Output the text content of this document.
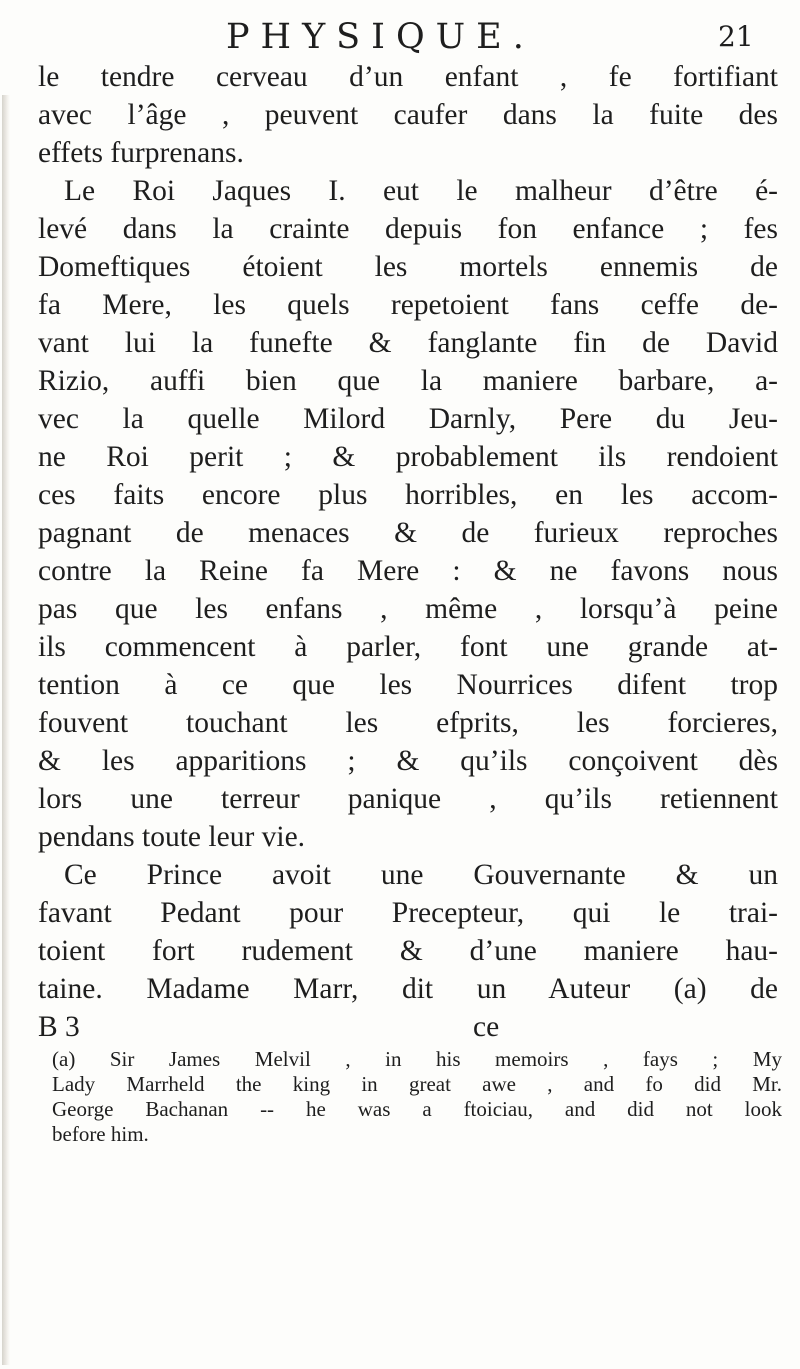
PHYSIQUE.	21
le tendre cerveau d’un enfant , fe fortifiant
avec l’âge , peuvent caufer dans la fuite des
effets furprenans.
Le Roi Jaques I. eut le malheur d’être é-
levé dans la crainte depuis fon enfance ; fes
Domeftiques étoient les mortels ennemis de
fa Mere, les quels repetoient fans ceffe de-
vant lui la funefte & fanglante fin de David
Rizio, auffi bien que la maniere barbare, a-
vec la quelle Milord Darnly, Pere du Jeu-
ne Roi perit ; & probablement ils rendoient
ces faits encore plus horribles, en les accom-
pagnant de menaces & de furieux reproches
contre la Reine fa Mere : & ne favons nous
pas que les enfans , même , lorsqu’à peine
ils commencent à parler, font une grande at-
tention à ce que les Nourrices difent trop
fouvent touchant les efprits, les forcieres,
& les apparitions ; & qu’ils conçoivent dès
lors une terreur panique , qu’ils retiennent
pendans toute leur vie.
Ce Prince avoit une Gouvernante & un
favant Pedant pour Precepteur, qui le trai-
toient fort rudement & d’une maniere hau-
taine. Madame Marr, dit un Auteur (a) de
B 3	ce
(a) Sir James Melvil , in his memoirs , fays ; My
Lady Marrheld the king in great awe , and fo did Mr.
George Bachanan -- he was a ftoiciau, and did not look
before him.
